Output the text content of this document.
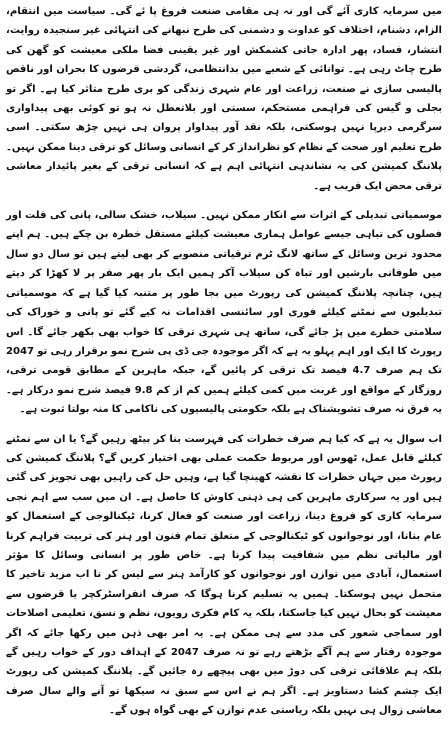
میں سرمایہ کاری آئے گی اور نہ ہی مقامی صنعت فروغ پا ئے گی۔ سیاست میں انتقام، الزام، دشنام، اختلاف کو عداوت و دشمنی کی طرح نبھانے کی انتہائی غیر سنجیدہ روایت، انتشار، فساد، پھر ادارہ جاتی کشمکش اور غیر یقینی فضا ملکی معیشت کو گھن کی طرح چاٹ رہی ہے۔ توانائی کے شعبے میں بدانتظامی، گردشی قرضوں کا بحران اور ناقص پالیسی سازی نے صنعت، زراعت اور عام شہری زندگی کو بری طرح متاثر کیا ہے۔ اگر تو بجلی و گیس کی فراہمی مستحکم، سستی اور بلاتعطل نہ ہو تو کوئی بھی پیداواری سرگرمی دیرپا نہیں ہوسکتی، بلکہ نقد آور پیداوار پروان ہی نہیں چڑھ سکتی۔ اسی طرح تعلیم اور صحت کے نظام کو نظرانداز کر کے انسانی وسائل کو ترقی دینا ممکن نہیں۔ پلاننگ کمیشن کی یہ نشاندہی انتہائی اہم ہے کہ انسانی ترقی کے بغیر پائیدار معاشی ترقی محض ایک فریب ہے۔

موسمیاتی تبدیلی کے اثرات سے انکار ممکن نہیں۔ سیلاب، خشک سالی، پانی کی قلت اور فصلوں کی تباہی جیسے عوامل ہماری معیشت کیلئے مستقل خطرہ بن چکے ہیں۔ ہم اپنے محدود ترین وسائل کے ساتھ لانگ ٹرم ترقیاتی منصوبے کر بھی لیتے ہیں تو سال دو سال میں طوفانی بارشیں اور تباہ کن سیلاب آکر ہمیں ایک بار پھر صفر پر لا کھڑا کر دیتے ہیں، چنانچہ پلاننگ کمیشن کی رپورٹ میں بجا طور پر متنبہ کیا گیا ہے کہ موسمیاتی تبدیلیوں سے نمٹنے کیلئے فوری اور سائنسی اقدامات نہ کیے گئے تو پانی و خوراک کی سلامتی خطرے میں پڑ جائے گی، ساتھ ہی شہری ترقی کا خواب بھی بکھر جائے گا۔ اس رپورٹ کا ایک اور اہم پہلو یہ ہے کہ اگر موجودہ جی ڈی پی شرح نمو برقرار رہی تو 2047 تک ہم صرف 4.7 فیصد تک ترقی کر پائیں گے، جبکہ ماہرین کے مطابق قومی ترقی، روزگار کے مواقع اور غربت میں کمی کیلئے ہمیں کم از کم 9.8 فیصد شرح نمو درکار ہے۔ یہ فرق نہ صرف تشویشناک ہے بلکہ حکومتی پالیسیوں کی ناکامی کا منہ بولتا ثبوت ہے۔

اب سوال یہ ہے کہ کیا ہم صرف خطرات کی فہرست بنا کر بیٹھ رہیں گے؟ یا ان سے نمٹنے کیلئے قابل عمل، ٹھوس اور مربوط حکمت عملی بھی اختیار کریں گے؟ پلاننگ کمیشن کی رپورٹ میں جہاں خطرات کا نقشہ کھینچا گیا ہے، وہیں حل کی راہیں بھی تجویز کی گئی ہیں اور یہ سرکاری ماہرین کی ہی ذہنی کاوش کا حاصل ہے۔ ان میں سب سے اہم نجی سرمایہ کاری کو فروغ دینا، زراعت اور صنعت کو فعال کرنا، ٹیکنالوجی کے استعمال کو عام بنانا، اور نوجوانوں کو ٹیکنالوجی کے متعلق تمام فنون اور ہنر کی تربیت فراہم کرنا اور مالیاتی نظم میں شفافیت پیدا کرنا ہے۔ خاص طور پر انسانی وسائل کا مؤثر استعمال، آبادی میں توازن اور نوجوانوں کو کارآمد ہنر سے لیس کر نا اب مزید تاخیر کا متحمل نہیں ہوسکتا۔ ہمیں یہ تسلیم کرنا ہوگا کہ صرف انفراسٹرکچر یا قرضوں سے معیشت کو بحال نہیں کیا جاسکتا، بلکہ یہ کام فکری رویوں، نظم و نسق، تعلیمی اصلاحات اور سماجی شعور کی مدد سے ہی ممکن ہے۔ یہ امر بھی ذہن میں رکھا جائے کہ اگر موجودہ رفتار سے ہم آگے بڑھتے رہے تو نہ صرف 2047 کے اہداف دور کے خواب رہیں گے بلکہ ہم علاقائی ترقی کی دوڑ میں بھی پیچھے رہ جائیں گے۔ پلاننگ کمیشن کی رپورٹ ایک چشم کشا دستاویز ہے۔ اگر ہم نے اس سے سبق نہ سیکھا تو آنے والے سال صرف معاشی زوال ہی نہیں بلکہ ریاستی عدم توازن کے بھی گواہ ہوں گے۔
